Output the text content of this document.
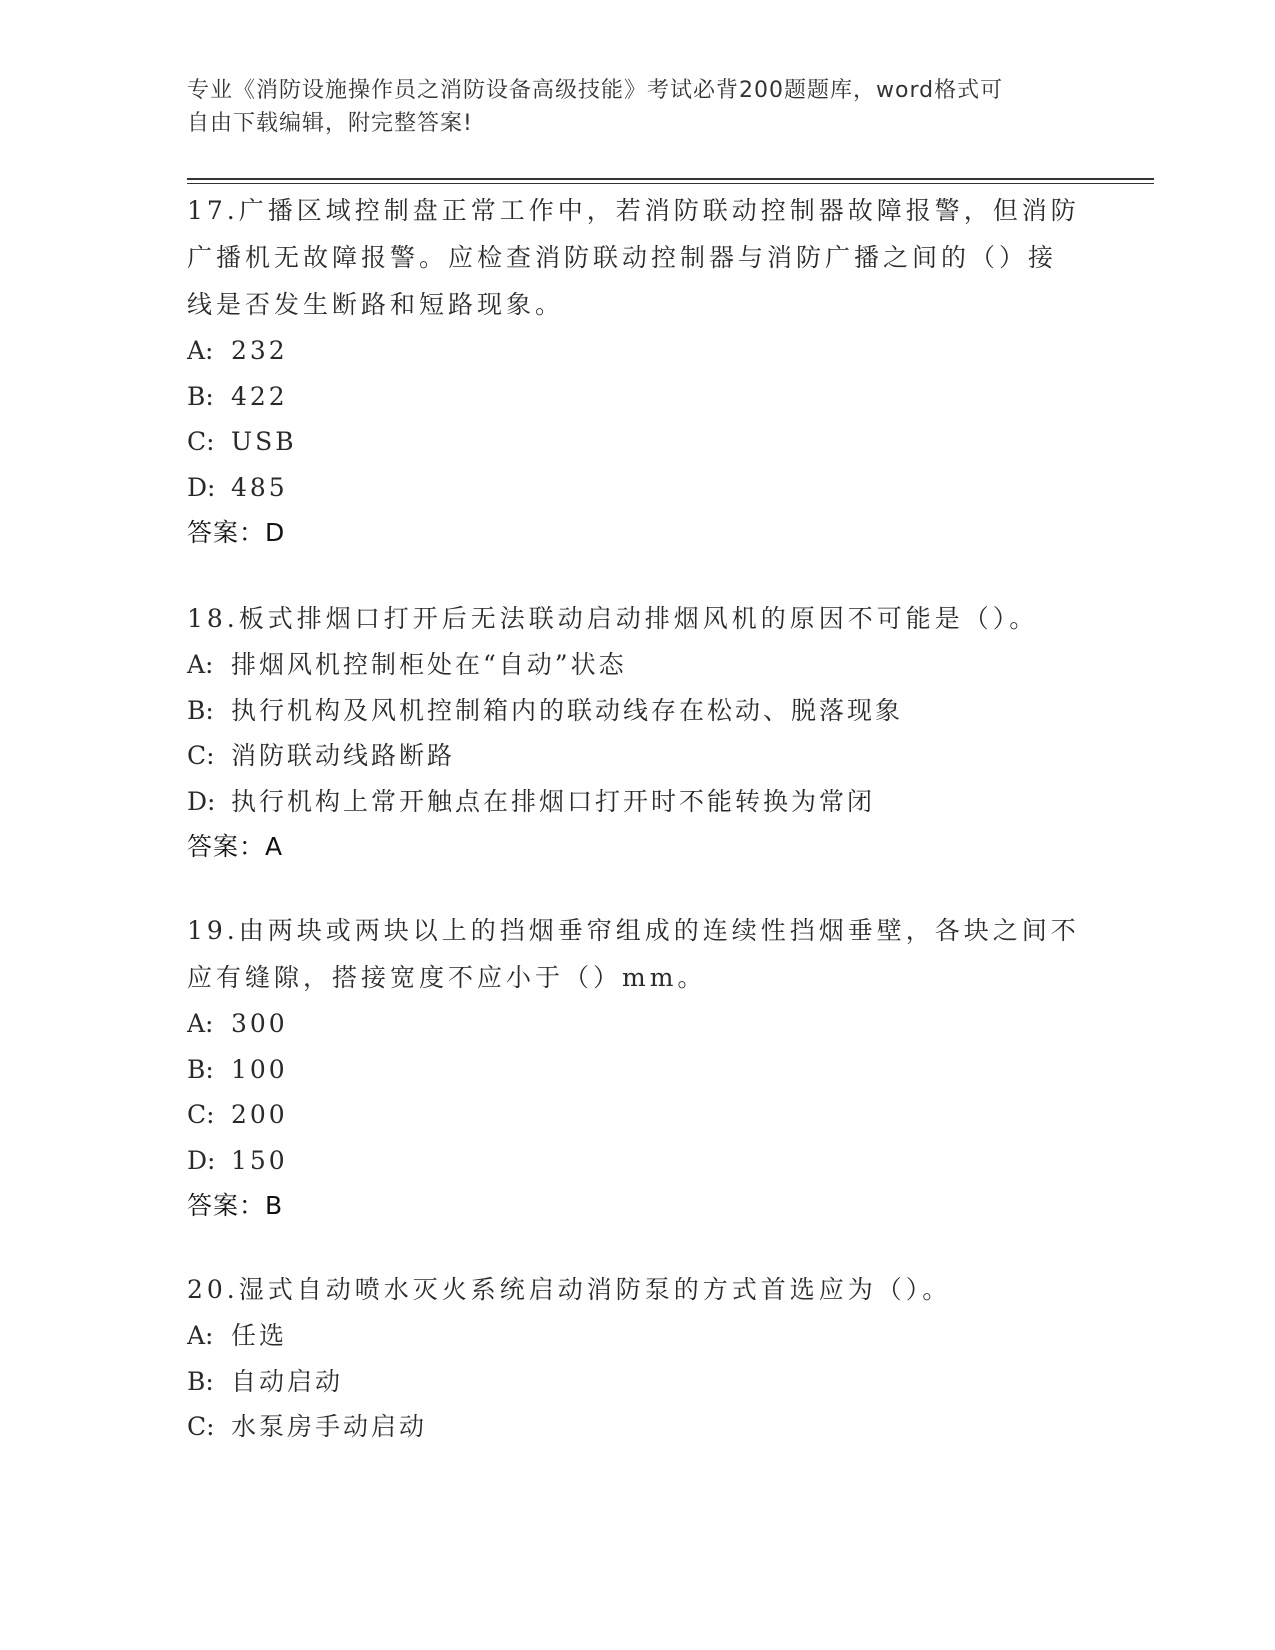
专业《消防设施操作员之消防设备高级技能》考试必背200题题库，word格式可
自由下载编辑，附完整答案!
17.广播区域控制盘正常工作中，若消防联动控制器故障报警，但消防
广播机无故障报警。应检查消防联动控制器与消防广播之间的（）接
线是否发生断路和短路现象。
A: 232
B: 422
C: USB
D: 485
答案：D
18.板式排烟口打开后无法联动启动排烟风机的原因不可能是（）。
A: 排烟风机控制柜处在“自动”状态
B: 执行机构及风机控制箱内的联动线存在松动、脱落现象
C: 消防联动线路断路
D: 执行机构上常开触点在排烟口打开时不能转换为常闭
答案：A
19.由两块或两块以上的挡烟垂帘组成的连续性挡烟垂壁，各块之间不
应有缝隙，搭接宽度不应小于（）mm。
A: 300
B: 100
C: 200
D: 150
答案：B
20.湿式自动喷水灭火系统启动消防泵的方式首选应为（）。
A: 任选
B: 自动启动
C: 水泵房手动启动
